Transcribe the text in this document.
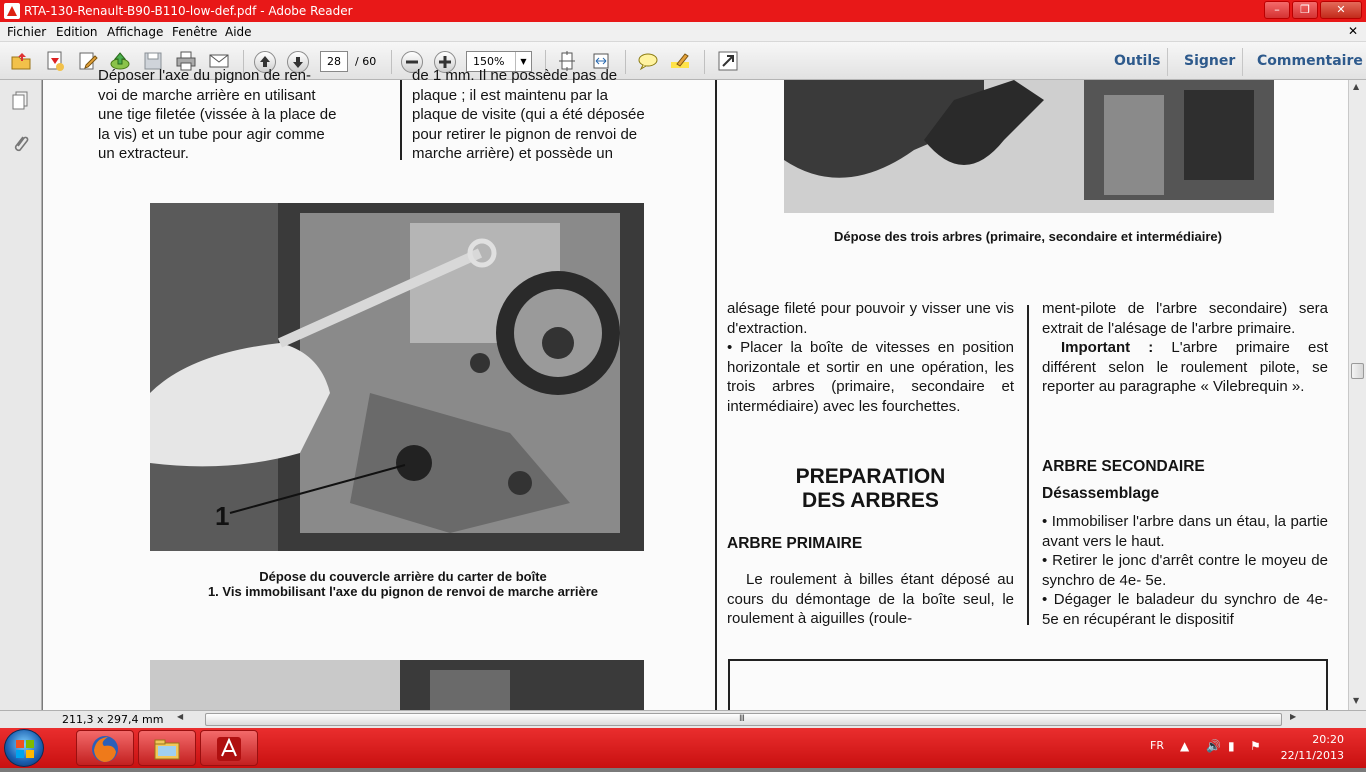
RTA-130-Renault-B90-B110-low-def.pdf - Adobe Reader	–	❐	✕
Fichier Edition Affichage Fenêtre Aide	✕
28	/ 60	150%	▼	Outils Signer Commentaire

Déposer l'axe du pignon de ren-

voi de marche arrière en utilisant

une tige filetée (vissée à la place de

la vis) et un tube pour agir comme

un extracteur.

de 1 mm. Il ne possède pas de

plaque ; il est maintenu par la

plaque de visite (qui a été déposée

pour retirer le pignon de renvoi de

marche arrière) et possède un

1
Dépose du couvercle arrière du carter de boîte
1. Vis immobilisant l'axe du pignon de renvoi de marche arrière
Dépose des trois arbres (primaire, secondaire et intermédiaire)

alésage fileté pour pouvoir y visser une vis d'extraction.

• Placer la boîte de vitesses en position horizontale et sortir en une opération, les trois arbres (primaire, secondaire et intermédiaire) avec les fourchettes.

PREPARATION
DES ARBRES
ARBRE PRIMAIRE
Le roulement à billes étant déposé au cours du démontage de la boîte seul, le roulement à aiguilles (roule-

ment-pilote de l'arbre secondaire) sera extrait de l'alésage de l'arbre primaire.

Important : L'arbre primaire est différent selon le roulement pilote, se reporter au paragraphe « Vilebrequin ».

ARBRE SECONDAIRE
Désassemblage

• Immobiliser l'arbre dans un étau, la partie avant vers le haut.

• Retirer le jonc d'arrêt contre le moyeu de synchro de 4e- 5e.

• Dégager le baladeur du synchro de 4e-5e en récupérant le dispositif

▲
▼
211,3 x 297,4 mm ◀	III	▶
FR ▲ 🔊 ▮ ⚑	20:20
22/11/2013
